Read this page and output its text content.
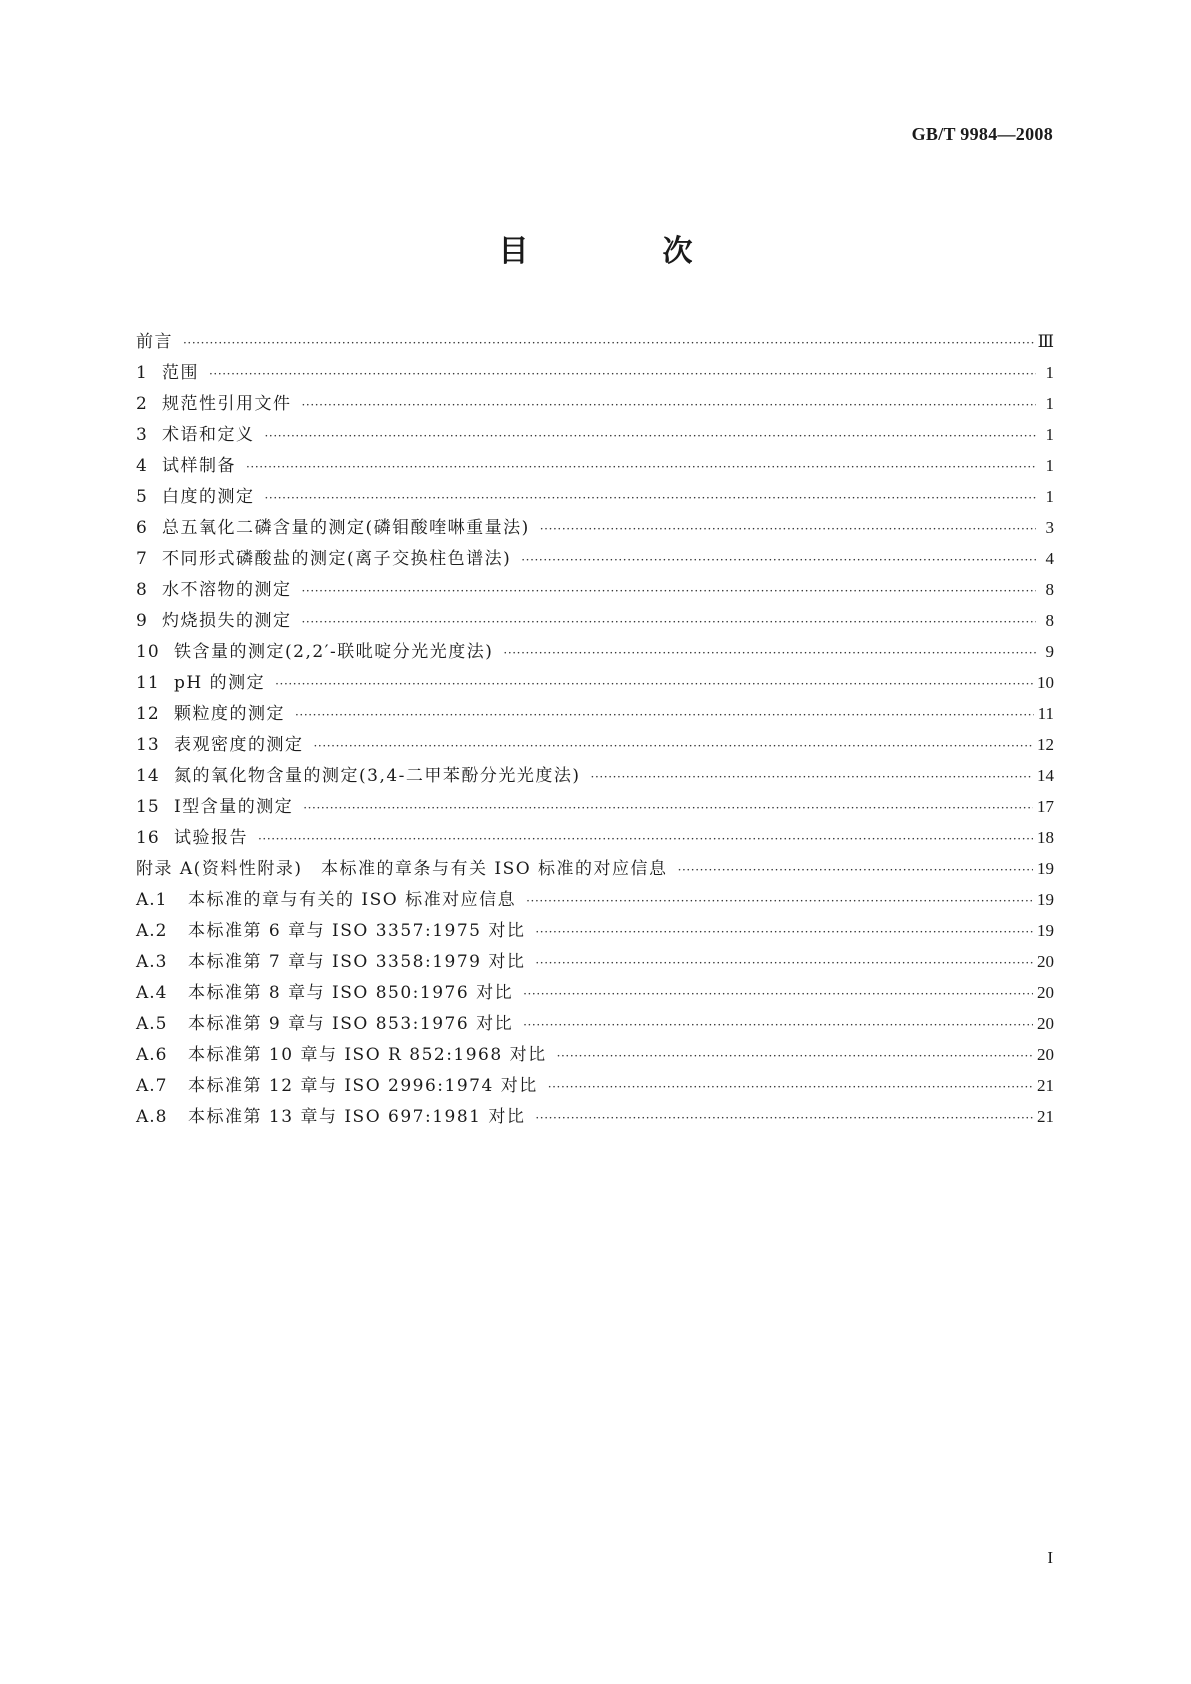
GB/T 9984—2008
目　次
前言 ·····	Ⅲ
1 范围 ·····	1
2 规范性引用文件 ·····	1
3 术语和定义 ·····	1
4 试样制备 ·····	1
5 白度的测定 ·····	1
6 总五氧化二磷含量的测定(磷钼酸喹啉重量法) ·····	3
7 不同形式磷酸盐的测定(离子交换柱色谱法) ·····	4
8 水不溶物的测定 ·····	8
9 灼烧损失的测定 ·····	8
10 铁含量的测定(2,2′-联吡啶分光光度法) ·····	9
11 pH 的测定 ·····	10
12 颗粒度的测定 ·····	11
13 表观密度的测定 ·····	12
14 氮的氧化物含量的测定(3,4-二甲苯酚分光光度法) ·····	14
15 Ⅰ型含量的测定 ·····	17
16 试验报告 ·····	18
附录 A(资料性附录)　本标准的章条与有关 ISO 标准的对应信息 ·····	19
A.1	本标准的章与有关的 ISO 标准对应信息 ·····	19
A.2	本标准第 6 章与 ISO 3357:1975 对比 ·····	19
A.3	本标准第 7 章与 ISO 3358:1979 对比 ·····	20
A.4	本标准第 8 章与 ISO 850:1976 对比 ·····	20
A.5	本标准第 9 章与 ISO 853:1976 对比 ·····	20
A.6	本标准第 10 章与 ISO R 852:1968 对比 ·····	20
A.7	本标准第 12 章与 ISO 2996:1974 对比 ·····	21
A.8	本标准第 13 章与 ISO 697:1981 对比 ·····	21
I
